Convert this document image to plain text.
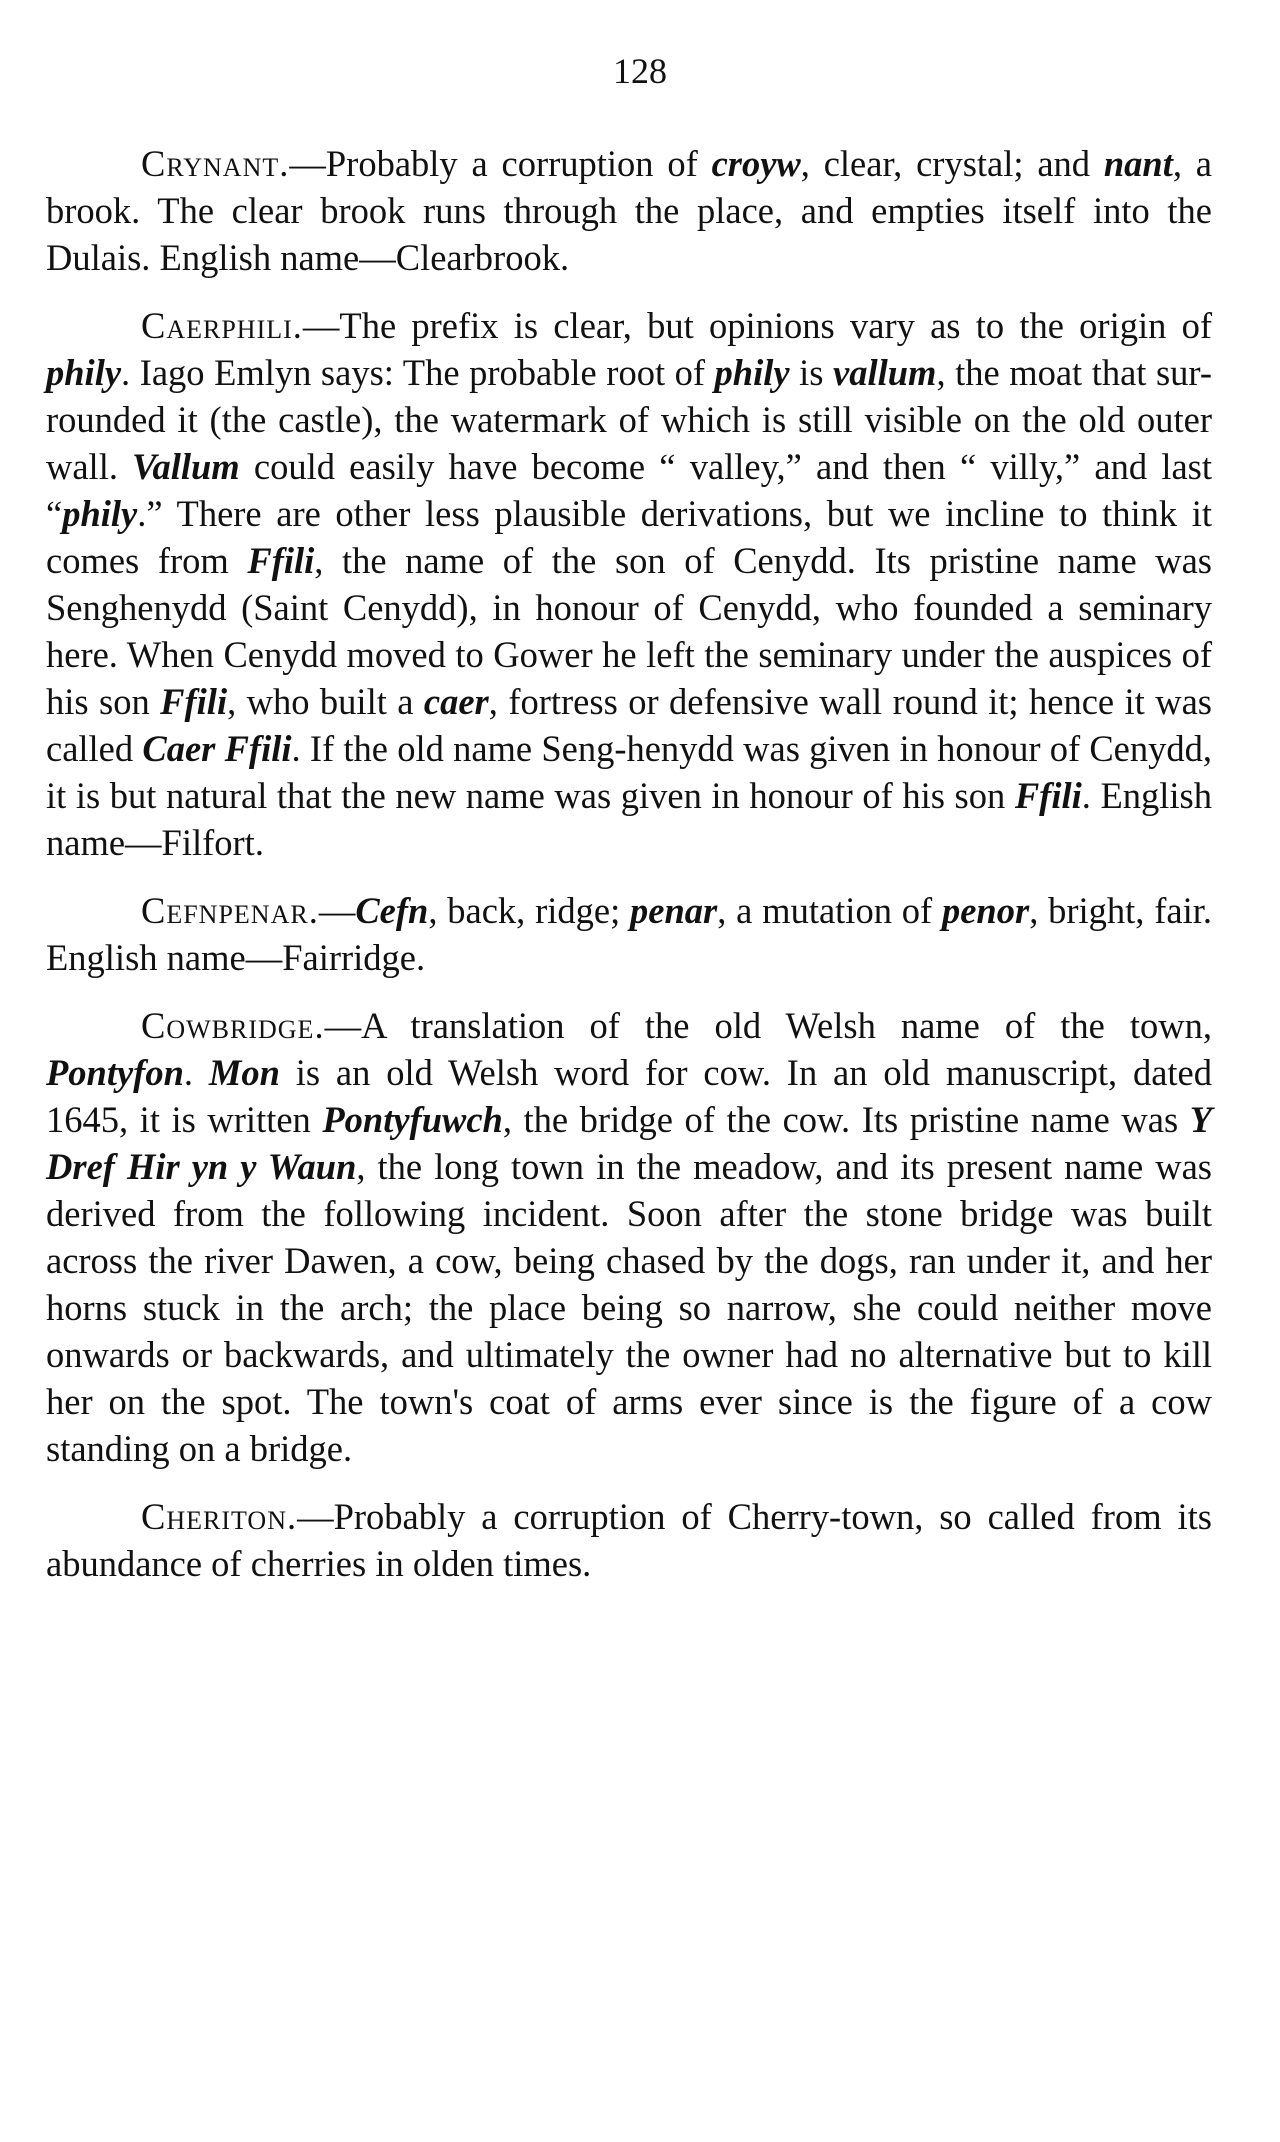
128

Crynant.—Probably a corruption of croyw, clear, crystal; and nant, a brook. The clear brook runs through the place, and empties itself into the Dulais. English name—Clearbrook.

Caerphili.—The prefix is clear, but opinions vary as to the origin of phily. Iago Emlyn says: The probable root of phily is vallum, the moat that sur-rounded it (the castle), the watermark of which is still visible on the old outer wall. Vallum could easily have become “ valley,” and then “ villy,” and last “phily.” There are other less plausible derivations, but we incline to think it comes from Ffili, the name of the son of Cenydd. Its pristine name was Senghenydd (Saint Cenydd), in honour of Cenydd, who founded a seminary here. When Cenydd moved to Gower he left the seminary under the auspices of his son Ffili, who built a caer, fortress or defensive wall round it; hence it was called Caer Ffili. If the old name Seng-henydd was given in honour of Cenydd, it is but natural that the new name was given in honour of his son Ffili. English name—Filfort.

Cefnpenar.—Cefn, back, ridge; penar, a mutation of penor, bright, fair. English name—Fairridge.

Cowbridge.—A translation of the old Welsh name of the town, Pontyfon. Mon is an old Welsh word for cow. In an old manuscript, dated 1645, it is written Pontyfuwch, the bridge of the cow. Its pristine name was Y Dref Hir yn y Waun, the long town in the meadow, and its present name was derived from the following incident. Soon after the stone bridge was built across the river Dawen, a cow, being chased by the dogs, ran under it, and her horns stuck in the arch; the place being so narrow, she could neither move onwards or backwards, and ultimately the owner had no alternative but to kill her on the spot. The town's coat of arms ever since is the figure of a cow standing on a bridge.

Cheriton.—Probably a corruption of Cherry-town, so called from its abundance of cherries in olden times.
